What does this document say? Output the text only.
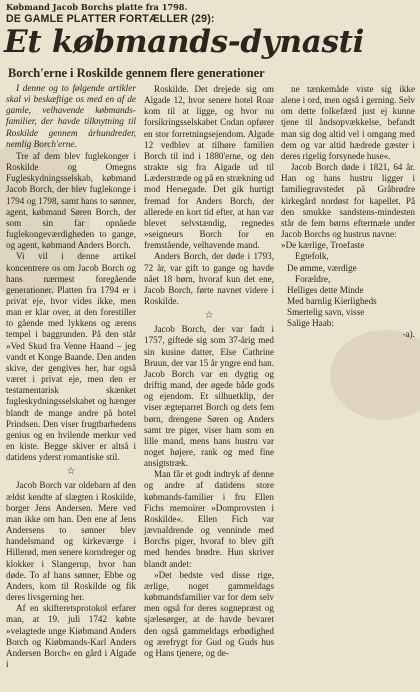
Købmand Jacob Borchs platte fra 1798.
DE GAMLE PLATTER FORTÆLLER (29):
Et købmands-dynasti
Borch'erne i Roskilde gennem flere generationer

I denne og to følgende artikler skal vi beskæftige os med en af de gamle, velhavende købmands-familier, der havde tilknytning til Roskilde gennem århundreder, nemlig Borch'erne.

Tre af dem blev fuglekonger i Roskilde og Omegns Fugleskydningsselskab, købmand Jacob Borch, der blev fuglekonge i 1794 og 1798, samt hans to sønner, agent, købmand Søren Borch, der som sin far opnåede fuglekongeværdigheden to gange, og agent, købmand Anders Borch.

Vi vil i denne artikel koncentrere os om Jacob Borch og hans nærmest foregående generationer. Platten fra 1794 er i privat eje, hvor vides ikke, men man er klar over, at den forestiller to gående med lykkens og ærens tempel i baggrunden. På den står »Ved Skud fra Venne Haand – jeg vandt et Konge Baande. Den anden skive, der gengives her, har også været i privat eje, men den er testamentarisk skænket fugleskydningsselskabet og hænger blandt de mange andre på hotel Prindsen. Den viser frugtbarhedens genius og en hvilende merkur ved en kiste. Begge skiver er altså i datidens yderst romantiske stil.

☆

Jacob Borch var oldebarn af den ældst kendte af slægten i Roskilde, borger Jens Andersen. Mere ved man ikke om han. Den ene af Jens Andersens to sønner blev handelsmand og kirkeværge i Hillerød, men senere korndreger og klokker i Slangerup, hvor han døde. To af hans sønner, Ebbe og Anders, kom til Roskilde og fik deres livsgerning her.

Af en skifteretsprotokol erfarer man, at 19. juli 1742 købte »velagtede unge Kiøbmand Anders Borch og Kiøbmands-Karl Anders Andersen Borch« en gård i Algade i

Roskilde. Det drejede sig om Algade 12, hvor senere hotel Roar kom til at ligge, og hvor nu forsikringsselskabet Codan opfører en stor forretningsejendom. Algade 12 vedblev at tilhøre familien Borch til ind i 1880'erne, og den strakte sig fra Algade ud til Læderstræde og på en strækning ud mod Hersegade. Det gik hurtigt fremad for Anders Borch, der allerede en kort tid efter, at han var blevet selvstændig, regnedes »seigneurs Borch for en fremstående, velhavende mand.

Anders Borch, der døde i 1793, 72 år, var gift to gange og havde nået 18 børn, hvoraf kun det ene, Jacob Borch, førte navnet videre i Roskilde.

☆

Jacob Borch, der var født i 1757, giftede sig som 37-årig med sin kusine datter, Else Cathrine Bruun, der var 15 år yngre end han. Jacob Borch var en dygtig og driftig mand, der øgede både gods og ejendom. Et silhuetklip, der viser ægteparret Borch og dets fem børn, drengene Søren og Anders samt tre piger, viser ham som en lille mand, mens hans hustru var noget højere, rank og med fine ansigtstræk.

Man får et godt indtryk af denne og andre af datidens store købmands-familier i fru Ellen Fichs memoirer »Domprovsten i Roskilde«. Ellen Fich var jævnaldrende og venninde med Borchs piger, hvoraf to blev gift med hendes brødre. Hun skriver blandt andet:

»Det bedste ved disse rige, ærlige, noget gammeldags købmandsfamilier var for dem selv men også for deres sognepræst og sjælesørger, at de havde bevaret den også gammeldags erbødighed og ærefrygt for Gud og Guds hus og Hans tjenere, og de-

ne tænkemåde viste sig ikke alene i ord, men også i gerning. Selv om dette folkefærd just ej kunne tjene til åndsopvækkelse, befandt man sig dog altid vel i omgang med dem og var altid hædrede gæster i deres rigelig forsynede huse«.

Jacob Borch døde i 1821, 64 år. Han og hans hustru ligger i familiegravstedet på Gråbrødre kirkegård nordøst for kapellet. På den smukke sandstens-mindesten står de fem børns eftermæle under Jacob Borchs og hustrus navne:

»De kærlige, Troefaste

Egtefolk,

De ømme, værdige

Forældre,

Helliges dette Minde

Med barnlig Kierligheds

Smertelig savn, visse

Salige Haab:

-a).
